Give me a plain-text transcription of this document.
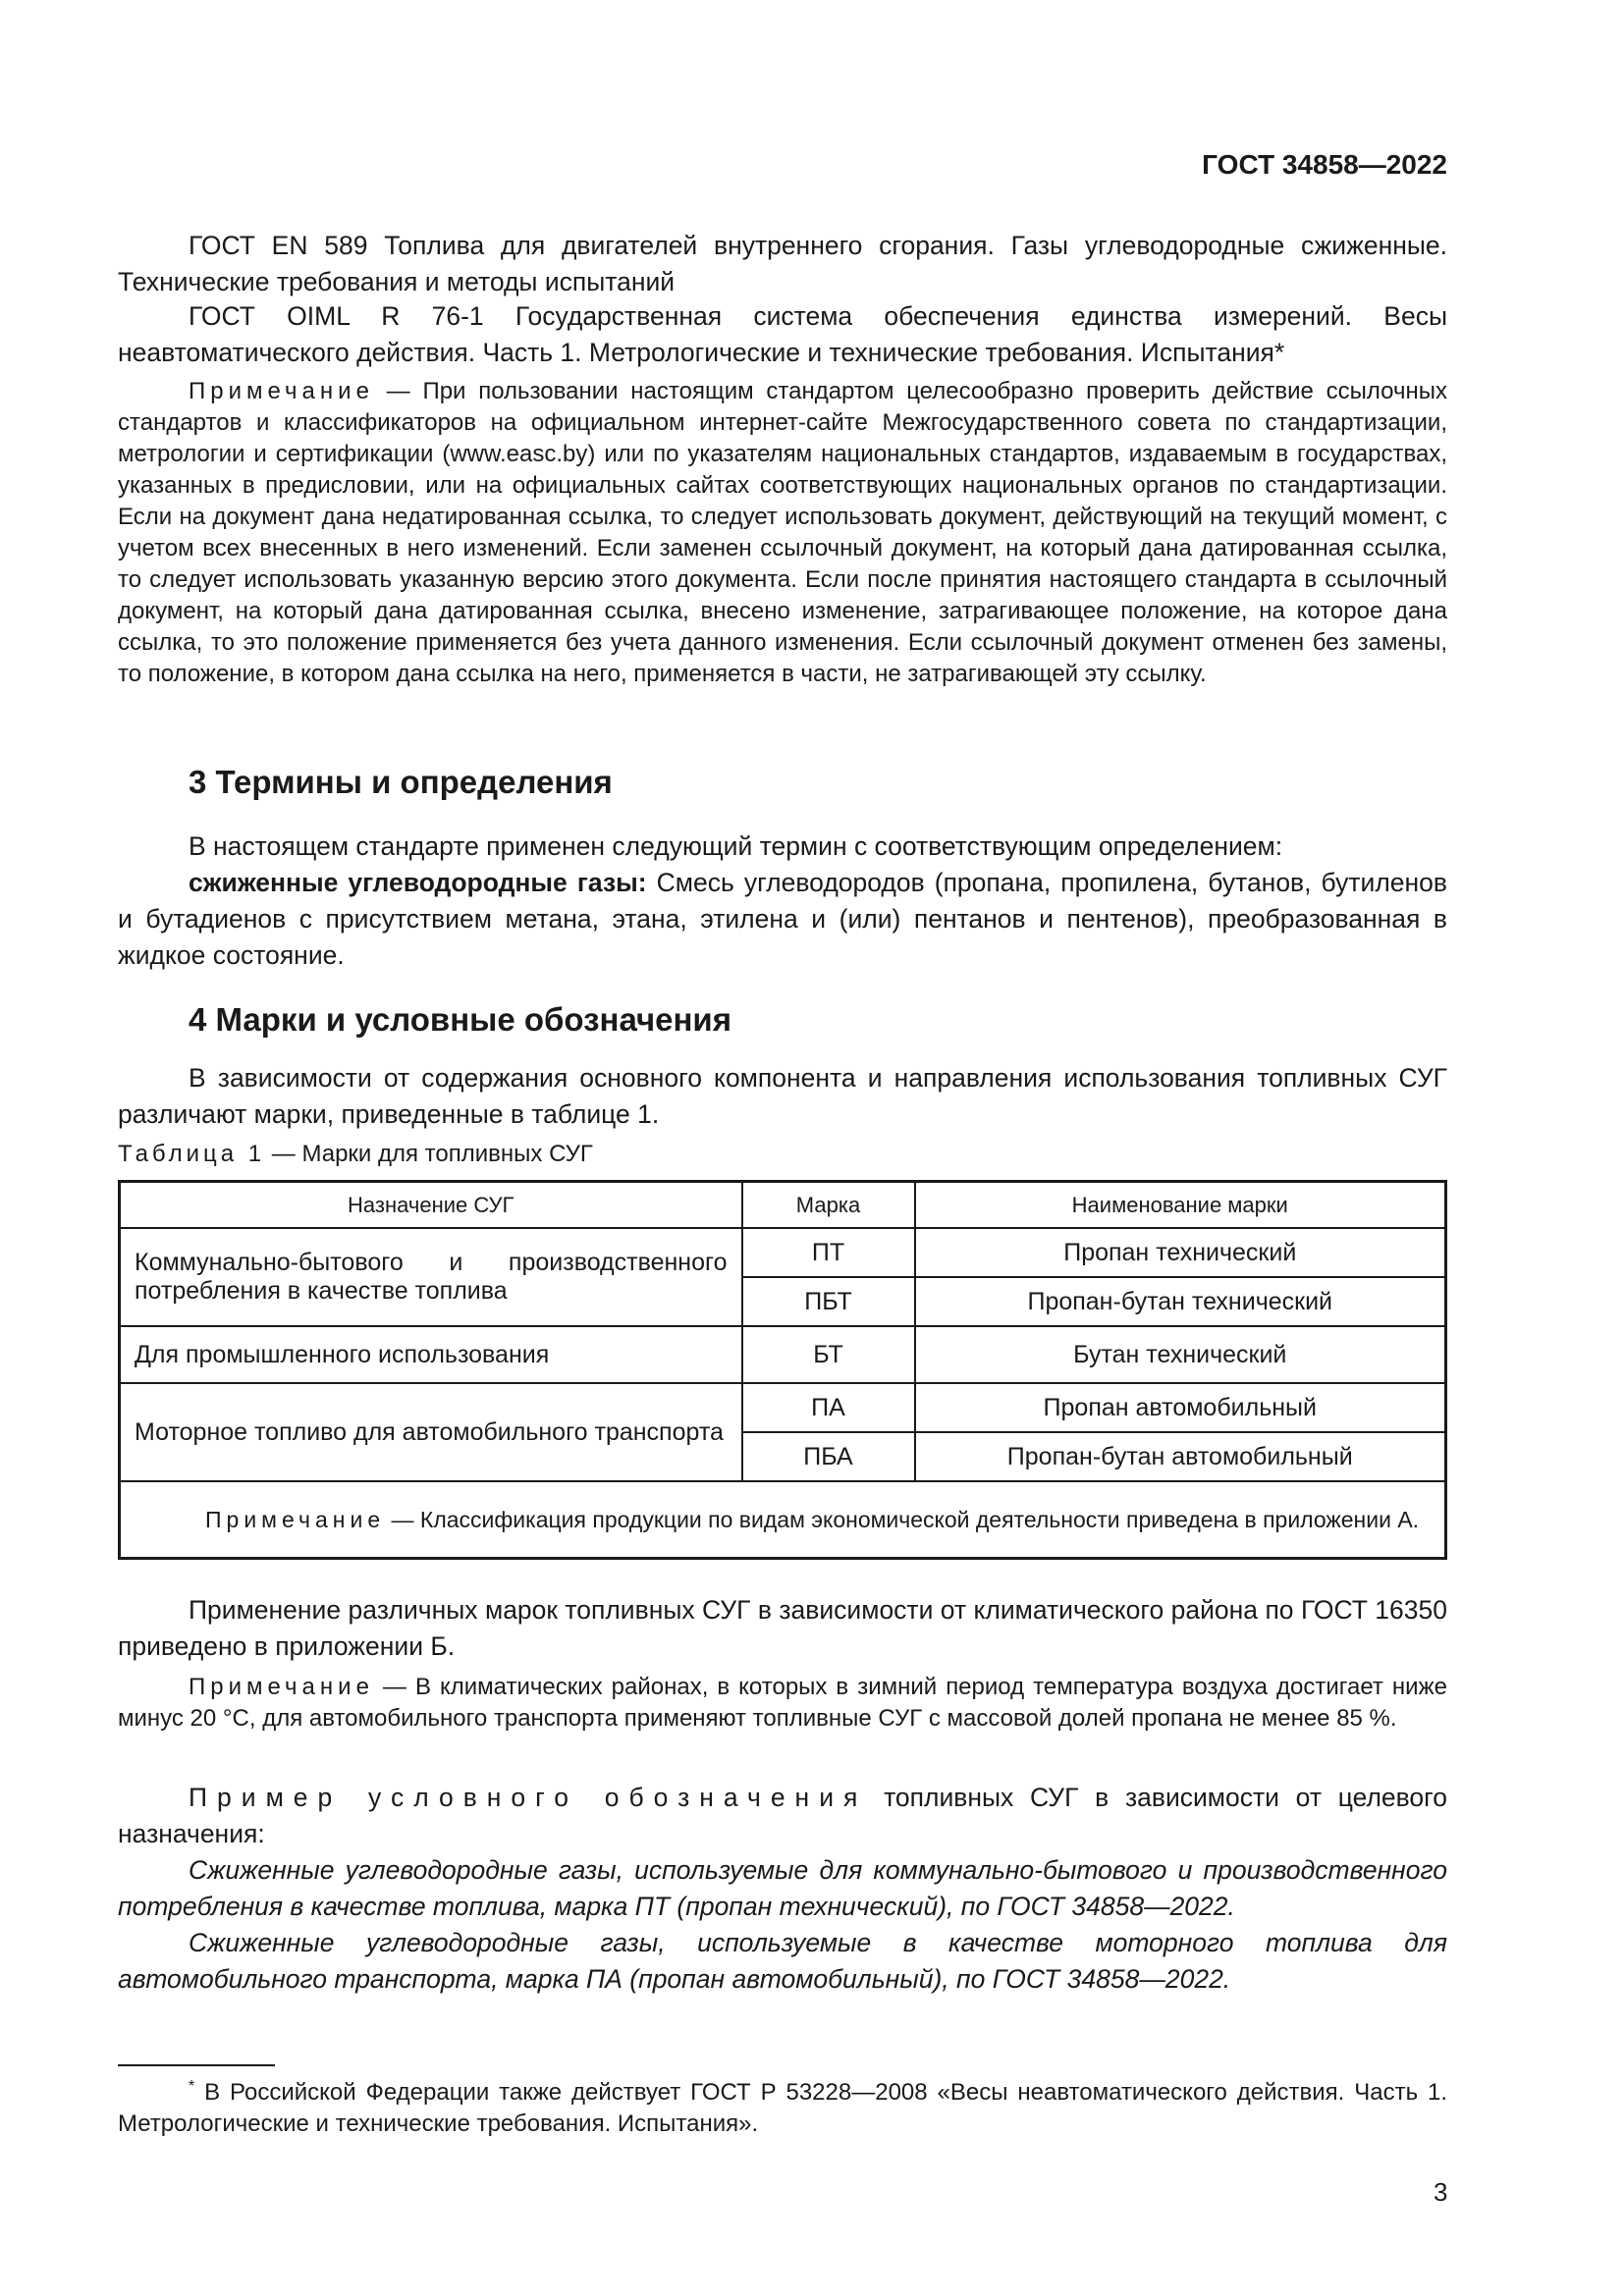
ГОСТ 34858—2022

ГОСТ EN 589 Топлива для двигателей внутреннего сгорания. Газы углеводородные сжиженные. Технические требования и методы испытаний

ГОСТ OIML R 76-1 Государственная система обеспечения единства измерений. Весы неавтоматического действия. Часть 1. Метрологические и технические требования. Испытания*

Примечание — При пользовании настоящим стандартом целесообразно проверить действие ссылочных стандартов и классификаторов на официальном интернет-сайте Межгосударственного совета по стандартизации, метрологии и сертификации (www.easc.by) или по указателям национальных стандартов, издаваемым в государствах, указанных в предисловии, или на официальных сайтах соответствующих национальных органов по стандартизации. Если на документ дана недатированная ссылка, то следует использовать документ, действующий на текущий момент, с учетом всех внесенных в него изменений. Если заменен ссылочный документ, на который дана датированная ссылка, то следует использовать указанную версию этого документа. Если после принятия настоящего стандарта в ссылочный документ, на который дана датированная ссылка, внесено изменение, затрагивающее положение, на которое дана ссылка, то это положение применяется без учета данного изменения. Если ссылочный документ отменен без замены, то положение, в котором дана ссылка на него, применяется в части, не затрагивающей эту ссылку.

3 Термины и определения

В настоящем стандарте применен следующий термин с соответствующим определением:

сжиженные углеводородные газы: Смесь углеводородов (пропана, пропилена, бутанов, бутиленов и бутадиенов с присутствием метана, этана, этилена и (или) пентанов и пентенов), преобразованная в жидкое состояние.

4 Марки и условные обозначения

В зависимости от содержания основного компонента и направления использования топливных СУГ различают марки, приведенные в таблице 1.

Таблица 1 — Марки для топливных СУГ
Назначение СУГ	Марка	Наименование марки
Коммунально-бытового и производственного потребления в качестве топлива	ПТ	Пропан технический
	ПБТ	Пропан-бутан технический
Для промышленного использования	БТ	Бутан технический
Моторное топливо для автомобильного транспорта	ПА	Пропан автомобильный
	ПБА	Пропан-бутан автомобильный
Примечание — Классификация продукции по видам экономической деятельности приведена в приложении А.		

Применение различных марок топливных СУГ в зависимости от климатического района по ГОСТ 16350 приведено в приложении Б.

Примечание — В климатических районах, в которых в зимний период температура воздуха достигает ниже минус 20 °С, для автомобильного транспорта применяют топливные СУГ с массовой долей пропана не менее 85 %.

Пример условного обозначения топливных СУГ в зависимости от целевого назначения:

Сжиженные углеводородные газы, используемые для коммунально-бытового и производственного потребления в качестве топлива, марка ПТ (пропан технический), по ГОСТ 34858—2022.

Сжиженные углеводородные газы, используемые в качестве моторного топлива для автомобильного транспорта, марка ПА (пропан автомобильный), по ГОСТ 34858—2022.

* В Российской Федерации также действует ГОСТ Р 53228—2008 «Весы неавтоматического действия. Часть 1. Метрологические и технические требования. Испытания».

3
